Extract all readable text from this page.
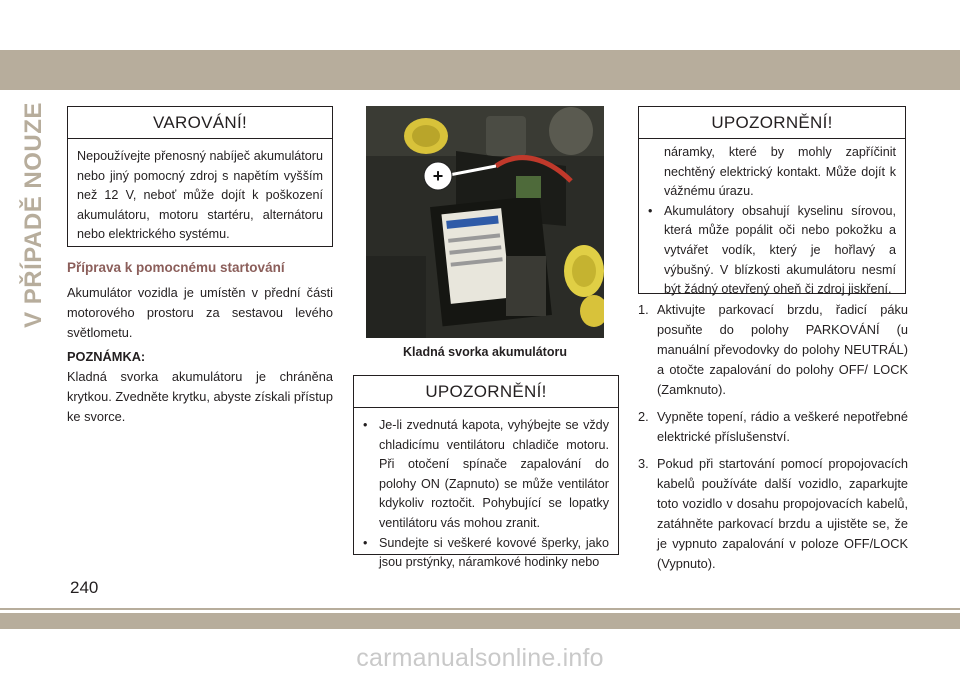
V PŘÍPADĚ NOUZE	VAROVÁNÍ!
Nepoužívejte přenosný nabíječ akumulátoru nebo jiný pomocný zdroj s napětím vyšším než 12 V, neboť může dojít k poškození akumulátoru, motoru startéru, alternátoru nebo elektrického systému.
Příprava k pomocnému startování
Akumulátor vozidla je umístěn v přední části motorového prostoru za sestavou levého světlometu.
POZNÁMKA:
Kladná svorka akumulátoru je chráněna krytkou. Zvedněte krytku, abyste získali přístup ke svorce.
+
Kladná svorka akumulátoru
UPOZORNĚNÍ!
• Je-li zvednutá kapota, vyhýbejte se vždy chladicímu ventilátoru chladiče motoru. Při otočení spínače zapalování do polohy ON (Zapnuto) se může ventilátor kdykoliv roztočit. Pohybující se lopatky ventilátoru vás mohou zranit.
• Sundejte si veškeré kovové šperky, jako jsou prstýnky, náramkové hodinky nebo
UPOZORNĚNÍ!
náramky, které by mohly zapříčinit nechtěný elektrický kontakt. Může dojít k vážnému úrazu.
• Akumulátory obsahují kyselinu sírovou, která může popálit oči nebo pokožku a vytvářet vodík, který je hořlavý a výbušný. V blízkosti akumulátoru nesmí být žádný otevřený oheň či zdroj jiskření.
1. Aktivujte parkovací brzdu, řadicí páku posuňte do polohy PARKOVÁNÍ (u manuální převodovky do polohy NEUTRÁL) a otočte zapalování do polohy OFF/ LOCK (Zamknuto).
2. Vypněte topení, rádio a veškeré nepotřebné elektrické příslušenství.
3. Pokud při startování pomocí propojovacích kabelů používáte další vozidlo, zaparkujte toto vozidlo v dosahu propojovacích kabelů, zatáhněte parkovací brzdu a ujistěte se, že je vypnuto zapalování v poloze OFF/LOCK (Vypnuto).
240
carmanualsonline.info
